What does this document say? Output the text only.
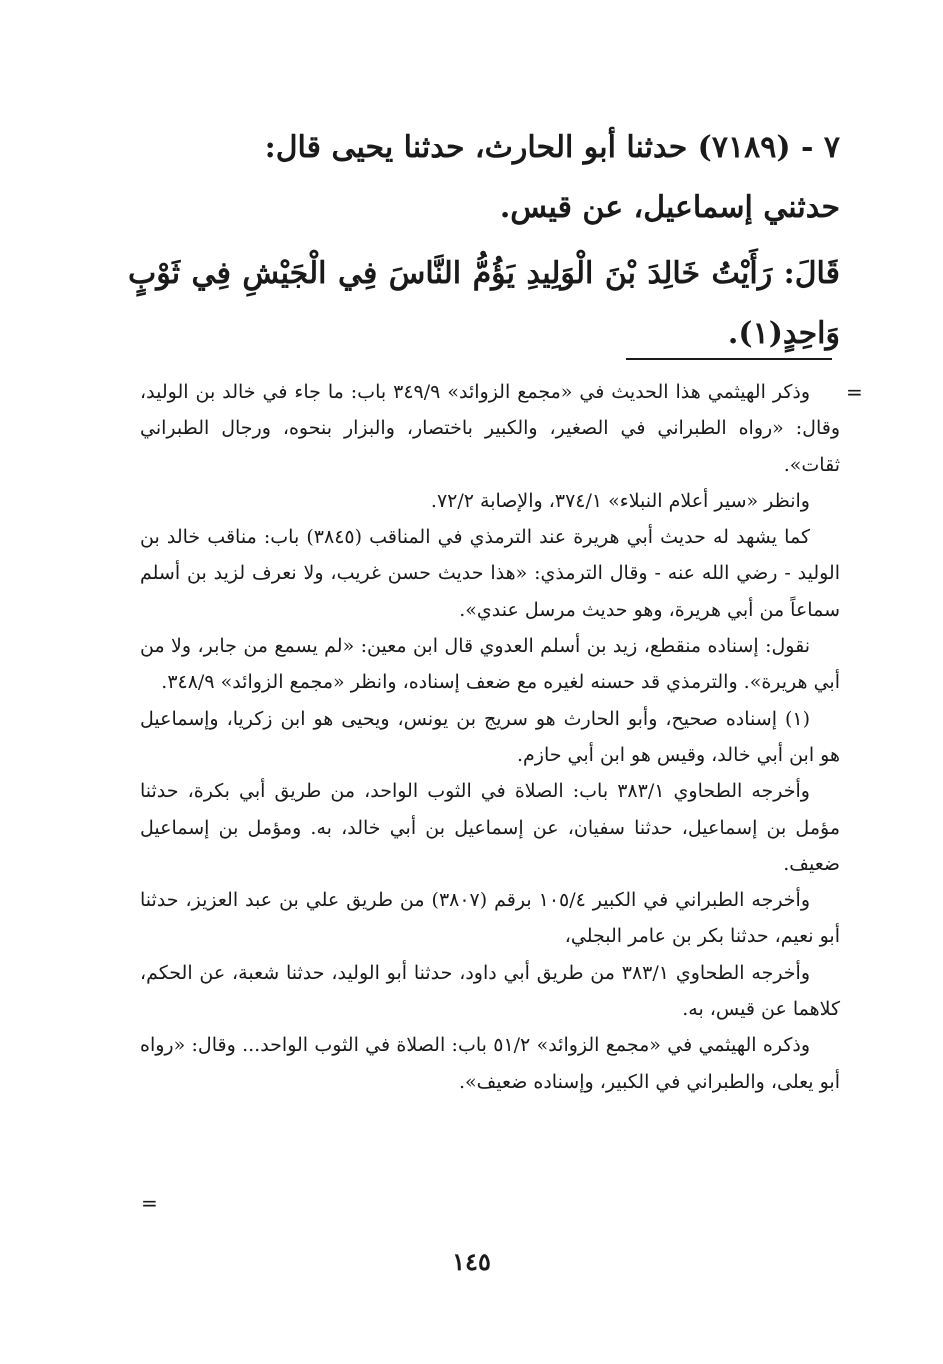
٧ - (٧١٨٩) حدثنا أبو الحارث، حدثنا يحيى قال:

حدثني إسماعيل، عن قيس.

قَالَ: رَأَيْتُ خَالِدَ بْنَ الْوَلِيدِ يَؤُمُّ النَّاسَ فِي الْجَيْشِ فِي ثَوْبٍ وَاحِدٍ(١).

=

وذكر الهيثمي هذا الحديث في «مجمع الزوائد» ٣٤٩/٩ باب: ما جاء في خالد بن الوليد، وقال: «رواه الطبراني في الصغير، والكبير باختصار، والبزار بنحوه، ورجال الطبراني ثقات».

وانظر «سير أعلام النبلاء» ٣٧٤/١، والإصابة ٧٢/٢.

كما يشهد له حديث أبي هريرة عند الترمذي في المناقب (٣٨٤٥) باب: مناقب خالد بن الوليد - رضي الله عنه - وقال الترمذي: «هذا حديث حسن غريب، ولا نعرف لزيد بن أسلم سماعاً من أبي هريرة، وهو حديث مرسل عندي».

نقول: إسناده منقطع، زيد بن أسلم العدوي قال ابن معين: «لم يسمع من جابر، ولا من أبي هريرة». والترمذي قد حسنه لغيره مع ضعف إسناده، وانظر «مجمع الزوائد» ٣٤٨/٩.

(١) إسناده صحيح، وأبو الحارث هو سريج بن يونس، ويحيى هو ابن زكريا، وإسماعيل هو ابن أبي خالد، وقيس هو ابن أبي حازم.

وأخرجه الطحاوي ٣٨٣/١ باب: الصلاة في الثوب الواحد، من طريق أبي بكرة، حدثنا مؤمل بن إسماعيل، حدثنا سفيان، عن إسماعيل بن أبي خالد، به. ومؤمل بن إسماعيل ضعيف.

وأخرجه الطبراني في الكبير ١٠٥/٤ برقم (٣٨٠٧) من طريق علي بن عبد العزيز، حدثنا أبو نعيم، حدثنا بكر بن عامر البجلي،

وأخرجه الطحاوي ٣٨٣/١ من طريق أبي داود، حدثنا أبو الوليد، حدثنا شعبة، عن الحكم، كلاهما عن قيس، به.

وذكره الهيثمي في «مجمع الزوائد» ٥١/٢ باب: الصلاة في الثوب الواحد... وقال: «رواه أبو يعلى، والطبراني في الكبير، وإسناده ضعيف».

=
١٤٥
